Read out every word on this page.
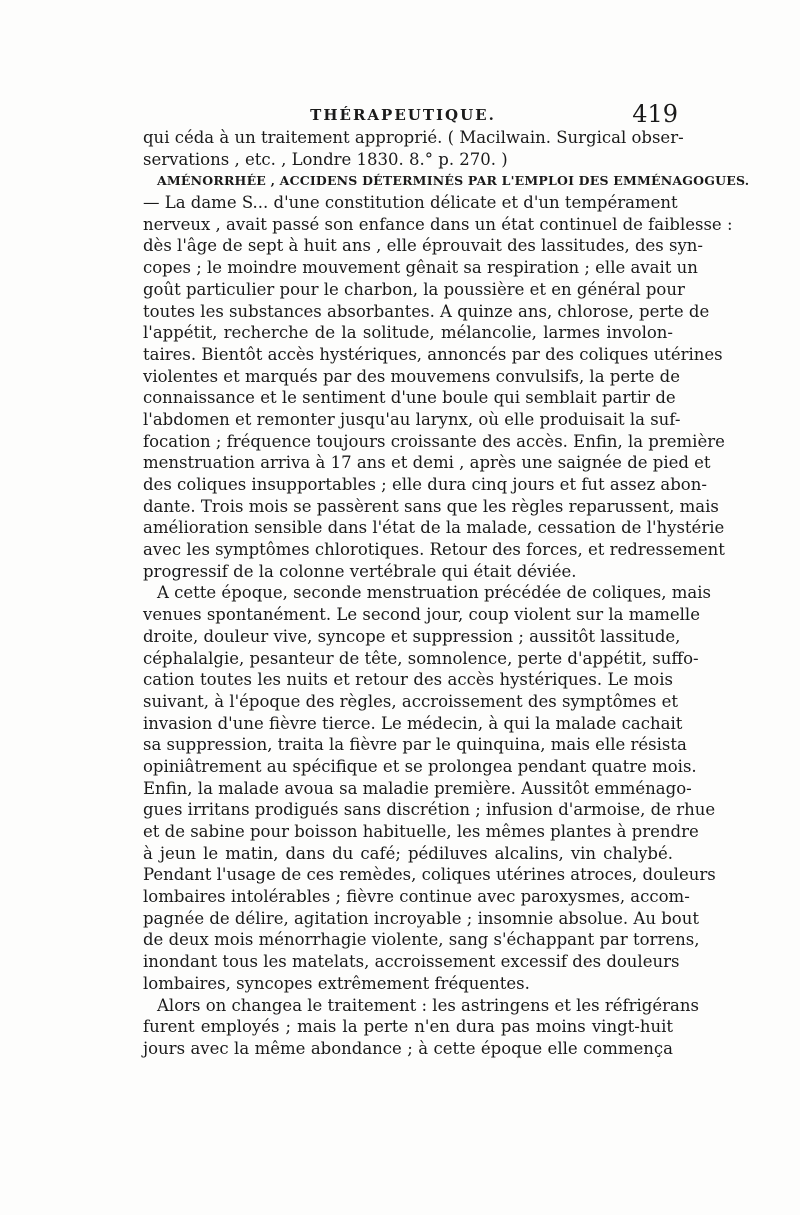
THÉRAPEUTIQUE.	419
qui céda à un traitement approprié. ( Macilwain. Surgical obser-
servations , etc. , Londre 1830. 8.° p. 270. )
AMÉNORRHÉE , ACCIDENS DÉTERMINÉS PAR L'EMPLOI DES EMMÉNAGOGUES.
— La dame S... d'une constitution délicate et d'un tempérament
nerveux , avait passé son enfance dans un état continuel de faiblesse :
dès l'âge de sept à huit ans , elle éprouvait des lassitudes, des syn-
copes ; le moindre mouvement gênait sa respiration ; elle avait un
goût particulier pour le charbon, la poussière et en général pour
toutes les substances absorbantes. A quinze ans, chlorose, perte de
l'appétit, recherche de la solitude, mélancolie, larmes involon-
taires. Bientôt accès hystériques, annoncés par des coliques utérines
violentes et marqués par des mouvemens convulsifs, la perte de
connaissance et le sentiment d'une boule qui semblait partir de
l'abdomen et remonter jusqu'au larynx, où elle produisait la suf-
focation ; fréquence toujours croissante des accès. Enfin, la première
menstruation arriva à 17 ans et demi , après une saignée de pied et
des coliques insupportables ; elle dura cinq jours et fut assez abon-
dante. Trois mois se passèrent sans que les règles reparussent, mais
amélioration sensible dans l'état de la malade, cessation de l'hystérie
avec les symptômes chlorotiques. Retour des forces, et redressement
progressif de la colonne vertébrale qui était déviée.
A cette époque, seconde menstruation précédée de coliques, mais
venues spontanément. Le second jour, coup violent sur la mamelle
droite, douleur vive, syncope et suppression ; aussitôt lassitude,
céphalalgie, pesanteur de tête, somnolence, perte d'appétit, suffo-
cation toutes les nuits et retour des accès hystériques. Le mois
suivant, à l'époque des règles, accroissement des symptômes et
invasion d'une fièvre tierce. Le médecin, à qui la malade cachait
sa suppression, traita la fièvre par le quinquina, mais elle résista
opiniâtrement au spécifique et se prolongea pendant quatre mois.
Enfin, la malade avoua sa maladie première. Aussitôt emménago-
gues irritans prodigués sans discrétion ; infusion d'armoise, de rhue
et de sabine pour boisson habituelle, les mêmes plantes à prendre
à jeun le matin, dans du café; pédiluves alcalins, vin chalybé.
Pendant l'usage de ces remèdes, coliques utérines atroces, douleurs
lombaires intolérables ; fièvre continue avec paroxysmes, accom-
pagnée de délire, agitation incroyable ; insomnie absolue. Au bout
de deux mois ménorrhagie violente, sang s'échappant par torrens,
inondant tous les matelats, accroissement excessif des douleurs
lombaires, syncopes extrêmement fréquentes.
Alors on changea le traitement : les astringens et les réfrigérans
furent employés ; mais la perte n'en dura pas moins vingt-huit
jours avec la même abondance ; à cette époque elle commença
